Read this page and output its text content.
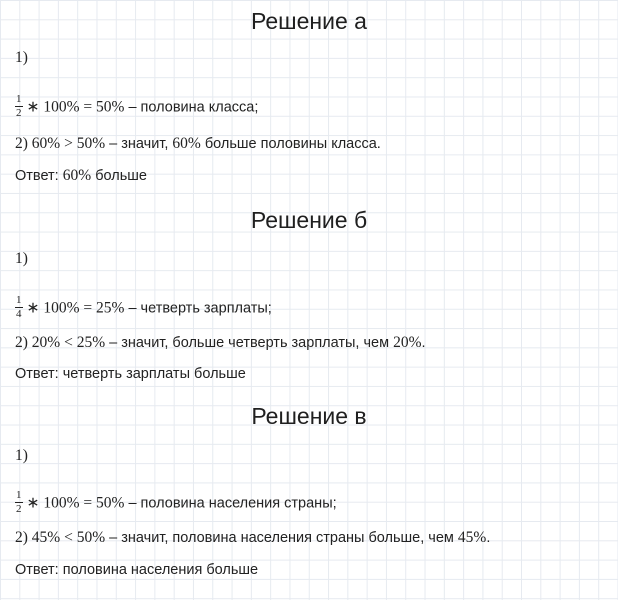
Решение а
1)
$\frac{1}{2}$ ∗ 100% = 50% – половина класса;
2) 60% > 50% – значит, 60% больше половины класса.
Ответ: 60% больше
Решение б
1)
$\frac{1}{4}$ ∗ 100% = 25% – четверть зарплаты;
2) 20% < 25% – значит, больше четверть зарплаты, чем 20%.
Ответ: четверть зарплаты больше
Решение в
1)
$\frac{1}{2}$ ∗ 100% = 50% – половина населения страны;
2) 45% < 50% – значит, половина населения страны больше, чем 45%.
Ответ: половина населения больше
